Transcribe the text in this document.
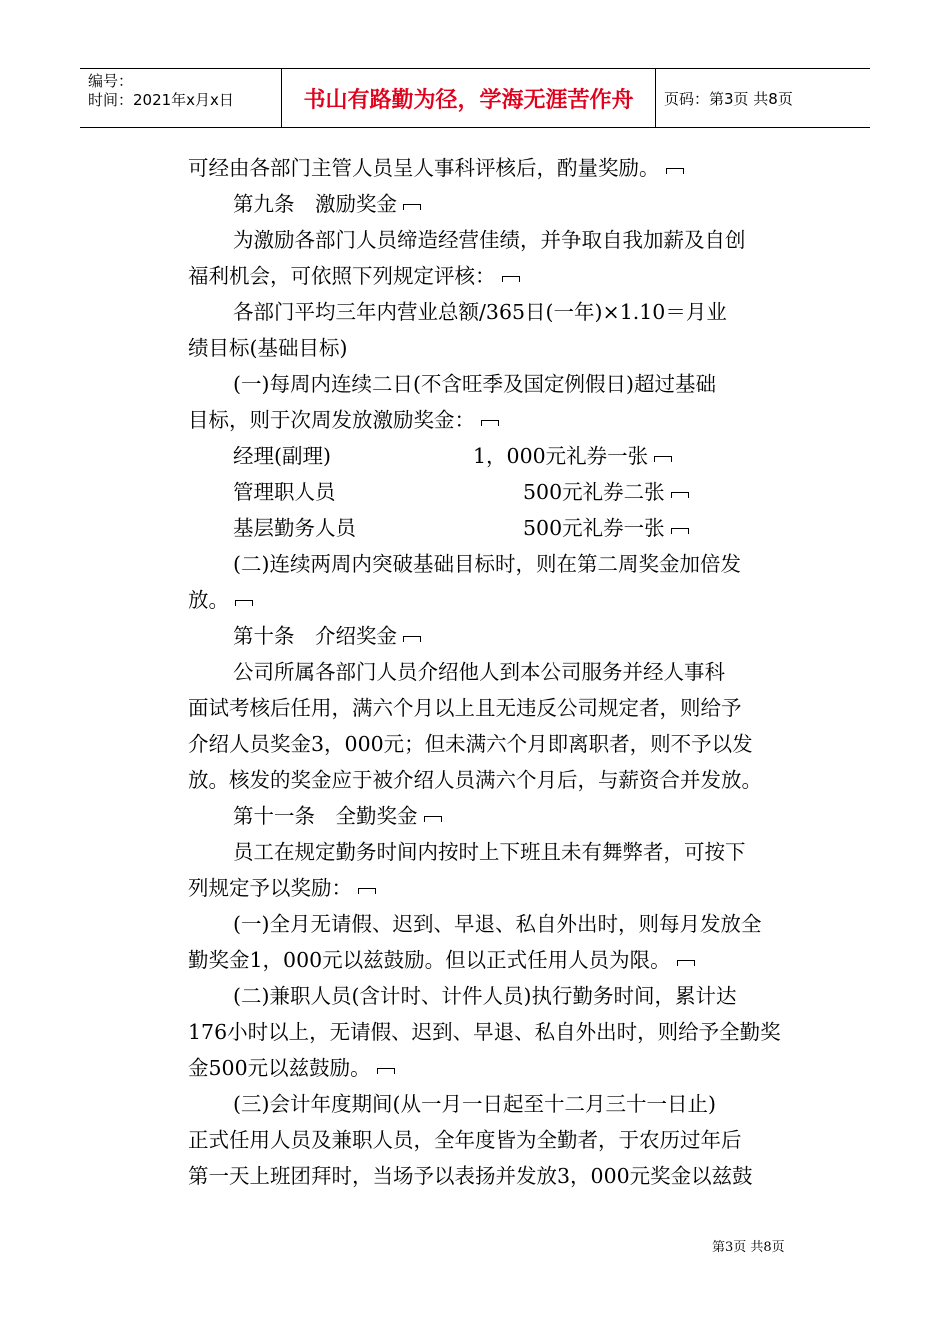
编号：
时间：2021年x月x日	书山有路勤为径，学海无涯苦作舟	页码：第3页 共8页
可经由各部门主管人员呈人事科评核后，酌量奖励。
第九条　激励奖金
为激励各部门人员缔造经营佳绩，并争取自我加薪及自创
福利机会，可依照下列规定评核：
各部门平均三年内营业总额/365日(一年)×1.10＝月业
绩目标(基础目标)
(一)每周内连续二日(不含旺季及国定例假日)超过基础
目标，则于次周发放激励奖金：
经理(副理)	1，000元礼券一张
管理职人员	500元礼券二张
基层勤务人员	500元礼券一张
(二)连续两周内突破基础目标时，则在第二周奖金加倍发
放。
第十条　介绍奖金
公司所属各部门人员介绍他人到本公司服务并经人事科
面试考核后任用，满六个月以上且无违反公司规定者，则给予
介绍人员奖金3，000元；但未满六个月即离职者，则不予以发
放。核发的奖金应于被介绍人员满六个月后，与薪资合并发放。
第十一条　全勤奖金
员工在规定勤务时间内按时上下班且未有舞弊者，可按下
列规定予以奖励：
(一)全月无请假、迟到、早退、私自外出时，则每月发放全
勤奖金1，000元以兹鼓励。但以正式任用人员为限。
(二)兼职人员(含计时、计件人员)执行勤务时间，累计达
176小时以上，无请假、迟到、早退、私自外出时，则给予全勤奖
金500元以兹鼓励。
(三)会计年度期间(从一月一日起至十二月三十一日止)
正式任用人员及兼职人员，全年度皆为全勤者，于农历过年后
第一天上班团拜时，当场予以表扬并发放3，000元奖金以兹鼓
第3页 共8页
